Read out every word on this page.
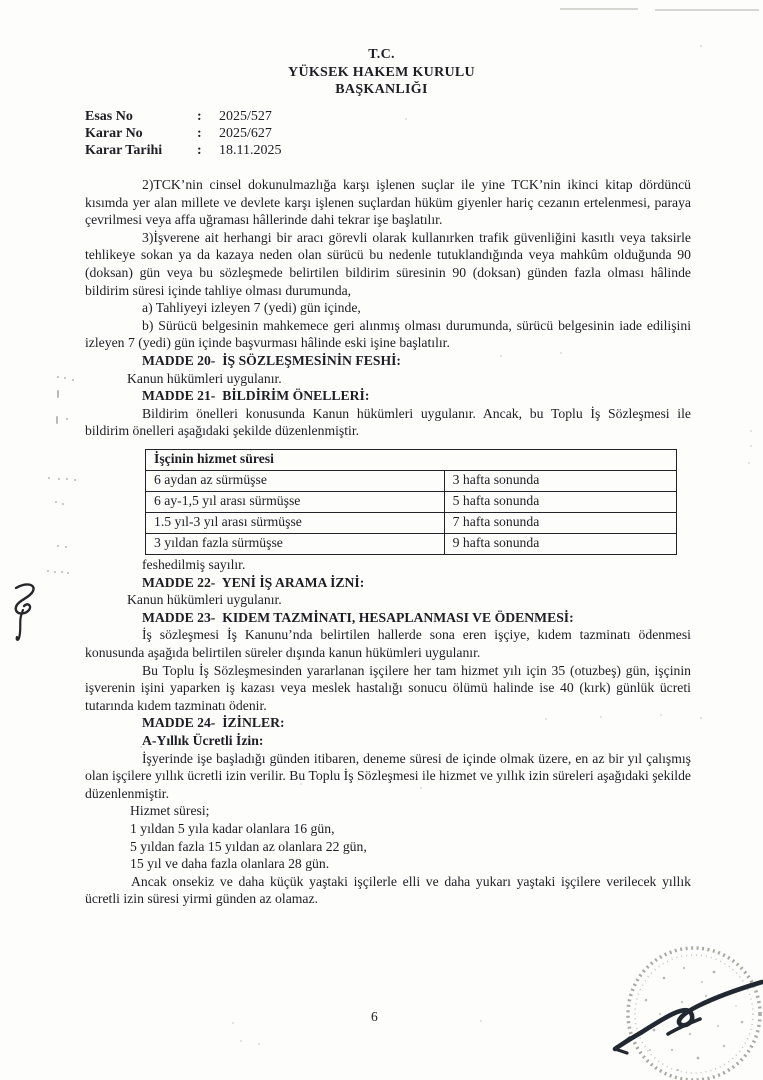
T.C.
YÜKSEK HAKEM KURULU
BAŞKANLIĞI
Esas No	:	2025/527
Karar No	:	2025/627
Karar Tarihi	:	18.11.2025

2)TCK’nin cinsel dokunulmazlığa karşı işlenen suçlar ile yine TCK’nin ikinci kitap dördüncü kısımda yer alan millete ve devlete karşı işlenen suçlardan hüküm giyenler hariç cezanın ertelenmesi, paraya çevrilmesi veya affa uğraması hâllerinde dahi tekrar işe başlatılır.

3)İşverene ait herhangi bir aracı görevli olarak kullanırken trafik güvenliğini kasıtlı veya taksirle tehlikeye sokan ya da kazaya neden olan sürücü bu nedenle tutuklandığında veya mahkûm olduğunda 90 (doksan) gün veya bu sözleşmede belirtilen bildirim süresinin 90 (doksan) günden fazla olması hâlinde bildirim süresi içinde tahliye olması durumunda,

a) Tahliyeyi izleyen 7 (yedi) gün içinde,

b) Sürücü belgesinin mahkemece geri alınmış olması durumunda, sürücü belgesinin iade edilişini izleyen 7 (yedi) gün içinde başvurması hâlinde eski işine başlatılır.

MADDE 20-  İŞ SÖZLEŞMESİNİN FESHİ:

Kanun hükümleri uygulanır.

MADDE 21-  BİLDİRİM ÖNELLERİ:

Bildirim önelleri konusunda Kanun hükümleri uygulanır. Ancak, bu Toplu İş Sözleşmesi ile bildirim önelleri aşağıdaki şekilde düzenlenmiştir.

İşçinin hizmet süresi	
6 aydan az sürmüşse	3 hafta sonunda
6 ay-1,5 yıl arası sürmüşse	5 hafta sonunda
1.5 yıl-3 yıl arası sürmüşse	7 hafta sonunda
3 yıldan fazla sürmüşse	9 hafta sonunda
feshedilmiş sayılır.

MADDE 22-  YENİ İŞ ARAMA İZNİ:

Kanun hükümleri uygulanır.

MADDE 23-  KIDEM TAZMİNATI, HESAPLANMASI VE ÖDENMESİ:

İş sözleşmesi İş Kanunu’nda belirtilen hallerde sona eren işçiye, kıdem tazminatı ödenmesi konusunda aşağıda belirtilen süreler dışında kanun hükümleri uygulanır.

Bu Toplu İş Sözleşmesinden yararlanan işçilere her tam hizmet yılı için 35 (otuzbeş) gün, işçinin işverenin işini yaparken iş kazası veya meslek hastalığı sonucu ölümü halinde ise 40 (kırk) günlük ücreti tutarında kıdem tazminatı ödenir.

MADDE 24-  İZİNLER:

A-Yıllık Ücretli İzin:

İşyerinde işe başladığı günden itibaren, deneme süresi de içinde olmak üzere, en az bir yıl çalışmış olan işçilere yıllık ücretli izin verilir. Bu Toplu İş Sözleşmesi ile hizmet ve yıllık izin süreleri aşağıdaki şekilde düzenlenmiştir.

Hizmet süresi;

1 yıldan 5 yıla kadar olanlara 16 gün,

5 yıldan fazla 15 yıldan az olanlara 22 gün,

15 yıl ve daha fazla olanlara 28 gün.

Ancak onsekiz ve daha küçük yaştaki işçilerle elli ve daha yukarı yaştaki işçilere verilecek yıllık ücretli izin süresi yirmi günden az olamaz.

6
